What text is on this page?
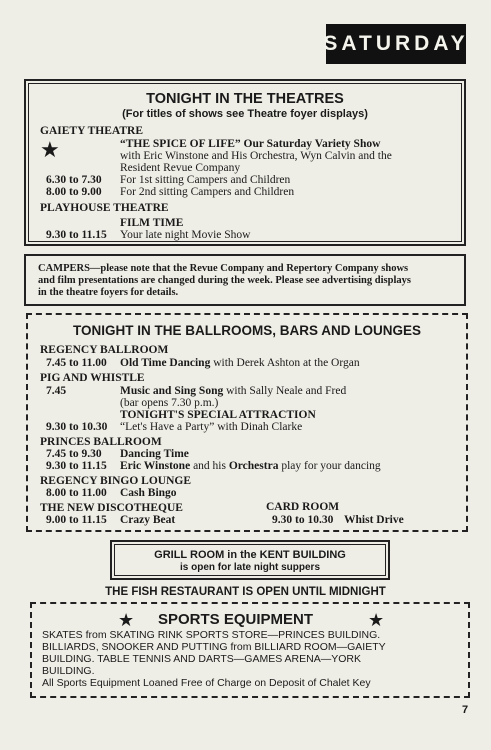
SATURDAY
TONIGHT IN THE THEATRES
(For titles of shows see Theatre foyer displays)
GAIETY THEATRE
★	“THE SPICE OF LIFE” Our Saturday Variety Show
with Eric Winstone and His Orchestra, Wyn Calvin and the
Resident Revue Company
6.30 to 7.30 For 1st sitting Campers and Children
8.00 to 9.00 For 2nd sitting Campers and Children
PLAYHOUSE THEATRE
FILM TIME
9.30 to 11.15 Your late night Movie Show
CAMPERS—please note that the Revue Company and Repertory Company shows
and film presentations are changed during the week. Please see advertising displays
in the theatre foyers for details.
TONIGHT IN THE BALLROOMS, BARS AND LOUNGES
REGENCY BALLROOM
7.45 to 11.00 Old Time Dancing with Derek Ashton at the Organ
PIG AND WHISTLE
7.45	Music and Sing Song with Sally Neale and Fred
(bar opens 7.30 p.m.)
TONIGHT'S SPECIAL ATTRACTION
9.30 to 10.30 “Let's Have a Party” with Dinah Clarke
PRINCES BALLROOM
7.45 to 9.30 Dancing Time
9.30 to 11.15 Eric Winstone and his Orchestra play for your dancing
REGENCY BINGO LOUNGE
8.00 to 11.00 Cash Bingo
THE NEW DISCOTHEQUE
9.00 to 11.15 Crazy Beat
CARD ROOM
9.30 to 10.30 Whist Drive
GRILL ROOM in the KENT BUILDING
is open for late night suppers
THE FISH RESTAURANT IS OPEN UNTIL MIDNIGHT
★ SPORTS EQUIPMENT	★
SKATES from SKATING RINK SPORTS STORE—PRINCES BUILDING.
BILLIARDS, SNOOKER AND PUTTING from BILLIARD ROOM—GAIETY
BUILDING. TABLE TENNIS AND DARTS—GAMES ARENA—YORK
BUILDING.
All Sports Equipment Loaned Free of Charge on Deposit of Chalet Key
7
